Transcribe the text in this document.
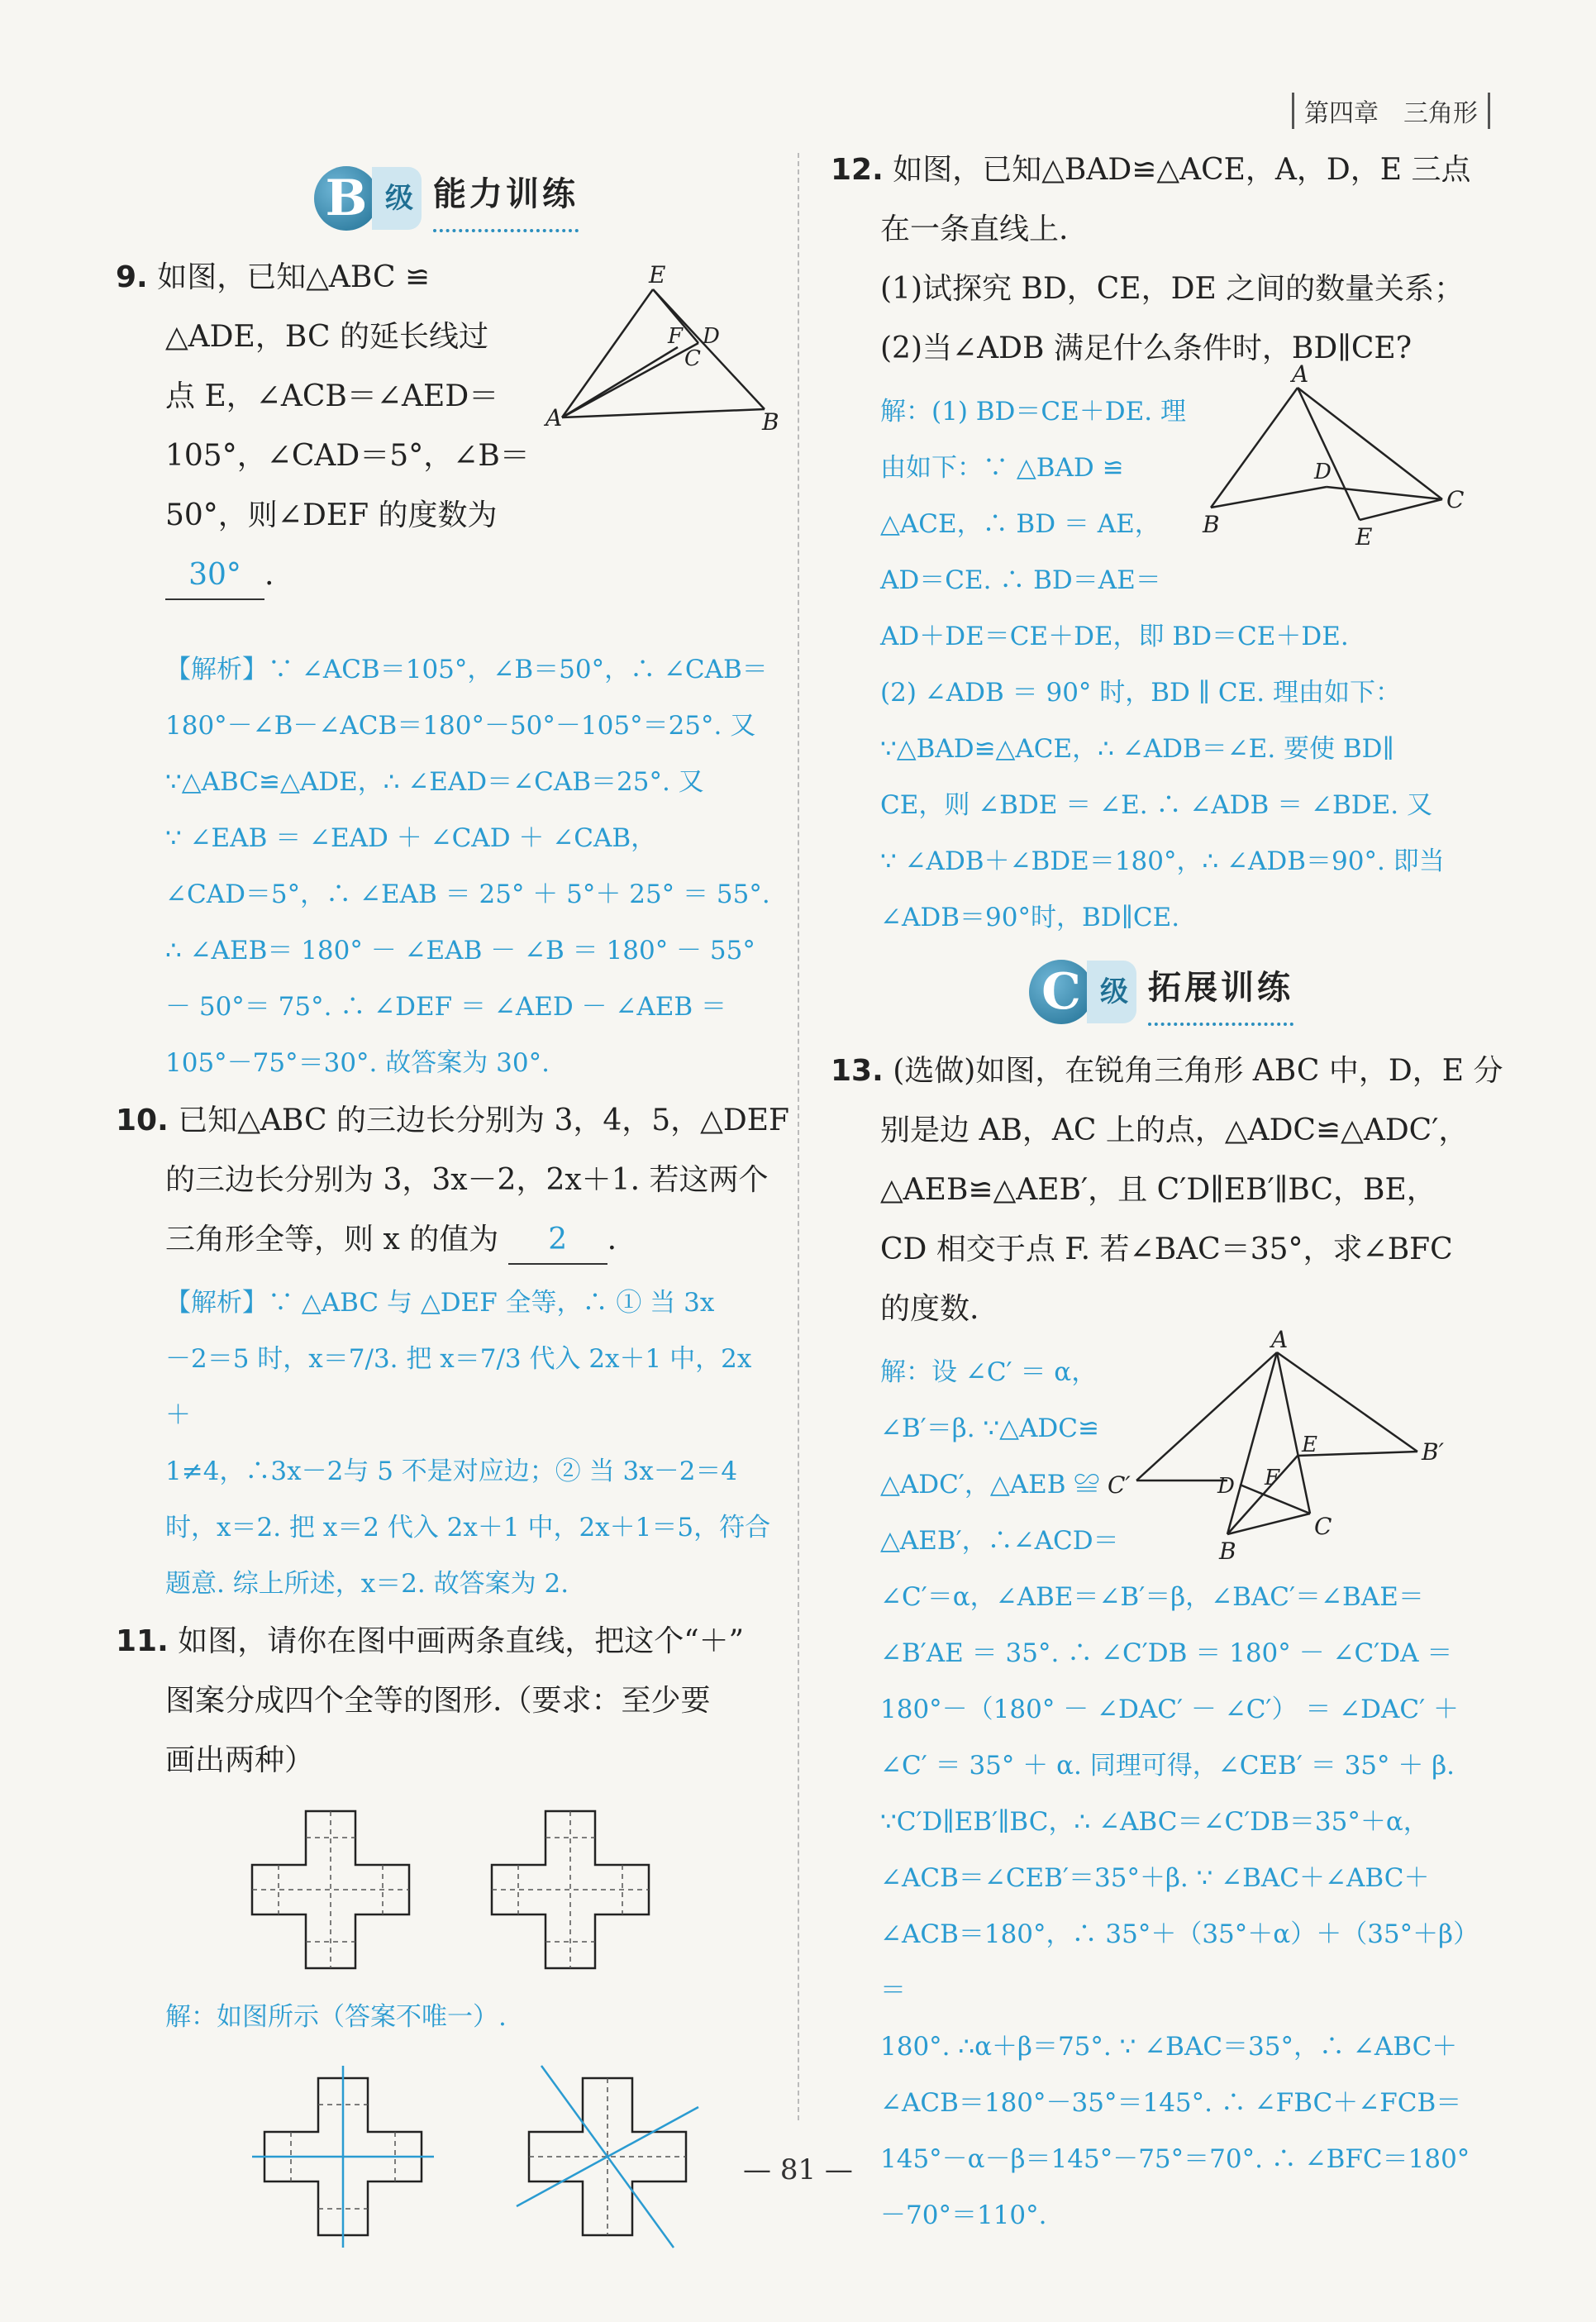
第四章　三角形
B 级 能力训练
9. 如图，已知△ABC ≌
△ADE，BC 的延长线过
点 E，∠ACB＝∠AED＝
105°，∠CAD＝5°，∠B＝
50°，则∠DEF 的度数为
30° .
E
A	B
F D
C
【解析】∵ ∠ACB＝105°，∠B＝50°，∴ ∠CAB＝
180°－∠B－∠ACB＝180°－50°－105°＝25°. 又
∵△ABC≌△ADE，∴ ∠EAD＝∠CAB＝25°. 又
∵ ∠EAB ＝ ∠EAD ＋ ∠CAD ＋ ∠CAB，
∠CAD＝5°，∴ ∠EAB ＝ 25° ＋ 5°＋ 25° ＝ 55°.
∴ ∠AEB＝ 180° － ∠EAB － ∠B ＝ 180° － 55°
－ 50°＝ 75°. ∴ ∠DEF ＝ ∠AED － ∠AEB ＝
105°－75°＝30°. 故答案为 30°.
10. 已知△ABC 的三边长分别为 3，4，5，△DEF
的三边长分别为 3，3x－2，2x＋1. 若这两个
三角形全等，则 x 的值为 2 .
【解析】∵ △ABC 与 △DEF 全等，∴ ① 当 3x
－2＝5 时，x＝7/3. 把 x＝7/3 代入 2x＋1 中，2x＋
1≠4，∴3x－2与 5 不是对应边；② 当 3x－2＝4
时，x＝2. 把 x＝2 代入 2x＋1 中，2x＋1＝5，符合
题意. 综上所述，x＝2. 故答案为 2.
11. 如图，请你在图中画两条直线，把这个“＋”
图案分成四个全等的图形.（要求：至少要
画出两种）
解：如图所示（答案不唯一）.
12. 如图，已知△BAD≌△ACE，A，D，E 三点
在一条直线上.
(1)试探究 BD，CE，DE 之间的数量关系；
(2)当∠ADB 满足什么条件时，BD∥CE?
解：(1) BD＝CE＋DE. 理
由如下：∵ △BAD ≌
△ACE，∴ BD ＝ AE，
AD＝CE. ∴ BD＝AE＝
AD＋DE＝CE＋DE，即 BD＝CE＋DE.
(2) ∠ADB ＝ 90° 时，BD ∥ CE. 理由如下：
∵△BAD≌△ACE，∴ ∠ADB＝∠E. 要使 BD∥
CE，则 ∠BDE ＝ ∠E. ∴ ∠ADB ＝ ∠BDE. 又
∵ ∠ADB＋∠BDE＝180°，∴ ∠ADB＝90°. 即当
∠ADB＝90°时，BD∥CE.
A
B
C
D
E
C 级 拓展训练
13. (选做)如图，在锐角三角形 ABC 中，D，E 分
别是边 AB，AC 上的点，△ADC≌△ADC′，
△AEB≌△AEB′，且 C′D∥EB′∥BC，BE，
CD 相交于点 F. 若∠BAC＝35°，求∠BFC
的度数.
解：设 ∠C′ ＝ α，
∠B′＝β. ∵△ADC≌
△ADC′，△AEB ≌
△AEB′，∴∠ACD＝
∠C′＝α，∠ABE＝∠B′＝β，∠BAC′＝∠BAE＝
∠B′AE ＝ 35°. ∴ ∠C′DB ＝ 180° － ∠C′DA ＝
180°－（180° － ∠DAC′ － ∠C′） ＝ ∠DAC′ ＋
∠C′ ＝ 35° ＋ α. 同理可得，∠CEB′ ＝ 35° ＋ β.
∵C′D∥EB′∥BC，∴ ∠ABC＝∠C′DB＝35°＋α，
∠ACB＝∠CEB′＝35°＋β. ∵ ∠BAC＋∠ABC＋
∠ACB＝180°，∴ 35°＋（35°＋α）＋（35°＋β）＝
180°. ∴α＋β＝75°. ∵ ∠BAC＝35°，∴ ∠ABC＋
∠ACB＝180°－35°＝145°. ∴ ∠FBC＋∠FCB＝
145°－α－β＝145°－75°＝70°. ∴ ∠BFC＝180°
－70°＝110°.
A
C′
B′
D
E
F
B
C
— 81 —
